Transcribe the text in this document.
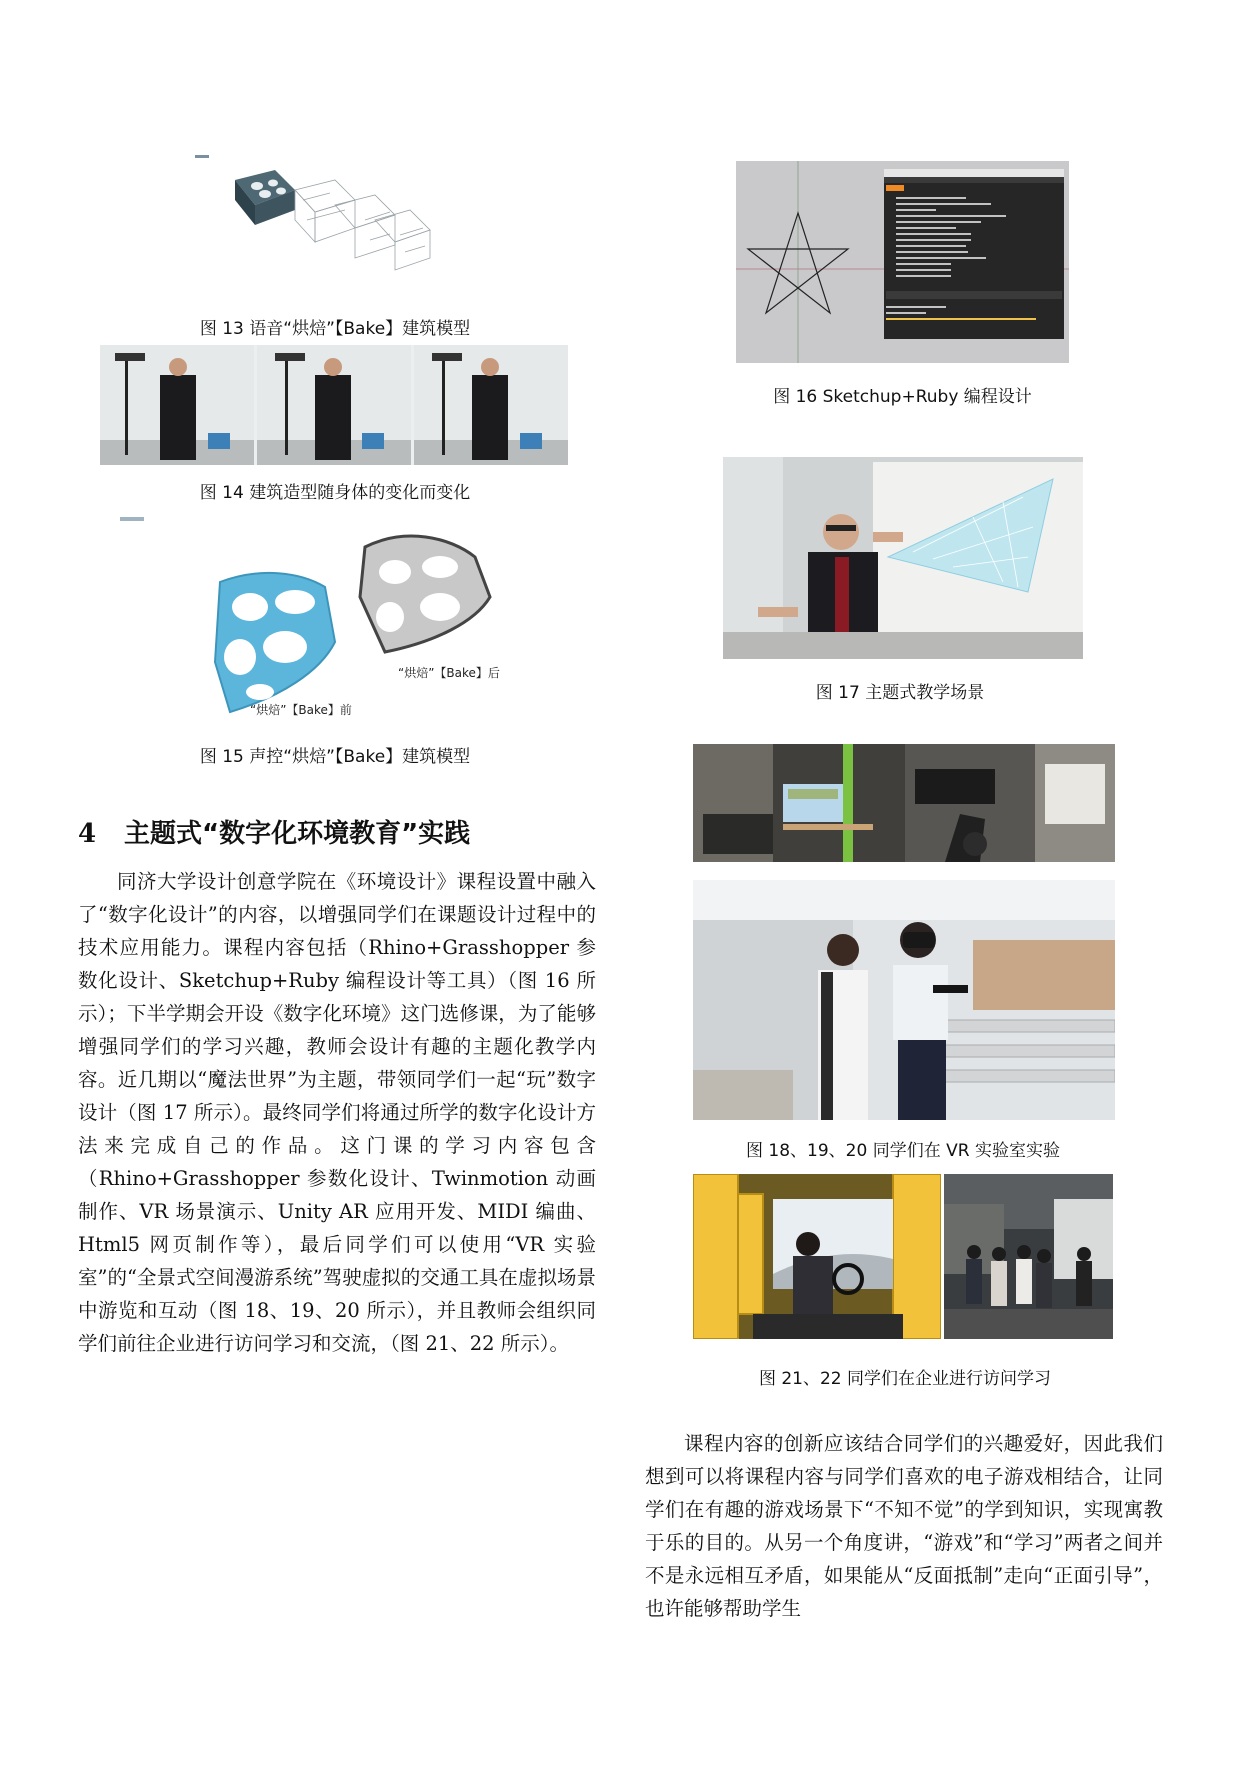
图 13 语音“烘焙”【Bake】建筑模型
图 14 建筑造型随身体的变化而变化
“烘焙”【Bake】后
“烘焙”【Bake】前
图 15 声控“烘焙”【Bake】建筑模型
4 主题式“数字化环境教育”实践

同济大学设计创意学院在《环境设计》课程设置中融入了“数字化设计”的内容，以增强同学们在课题设计过程中的技术应用能力。课程内容包括（Rhino+Grasshopper 参数化设计、Sketchup+Ruby 编程设计等工具）（图 16 所示）；下半学期会开设《数字化环境》这门选修课，为了能够增强同学们的学习兴趣，教师会设计有趣的主题化教学内容。近几期以“魔法世界”为主题，带领同学们一起“玩”数字设计（图 17 所示）。最终同学们将通过所学的数字化设计方法来完成自己的作品。这门课的学习内容包含（Rhino+Grasshopper 参数化设计、Twinmotion 动画制作、VR 场景演示、Unity AR 应用开发、MIDI 编曲、Html5 网页制作等），最后同学们可以使用“VR 实验室”的“全景式空间漫游系统”驾驶虚拟的交通工具在虚拟场景中游览和互动（图 18、19、20 所示），并且教师会组织同学们前往企业进行访问学习和交流，（图 21、22 所示）。

图 16 Sketchup+Ruby 编程设计
图 17 主题式教学场景
图 18、19、20 同学们在 VR 实验室实验
图 21、22 同学们在企业进行访问学习

课程内容的创新应该结合同学们的兴趣爱好，因此我们想到可以将课程内容与同学们喜欢的电子游戏相结合，让同学们在有趣的游戏场景下“不知不觉”的学到知识，实现寓教于乐的目的。从另一个角度讲，“游戏”和“学习”两者之间并不是永远相互矛盾，如果能从“反面抵制”走向“正面引导”，也许能够帮助学生
